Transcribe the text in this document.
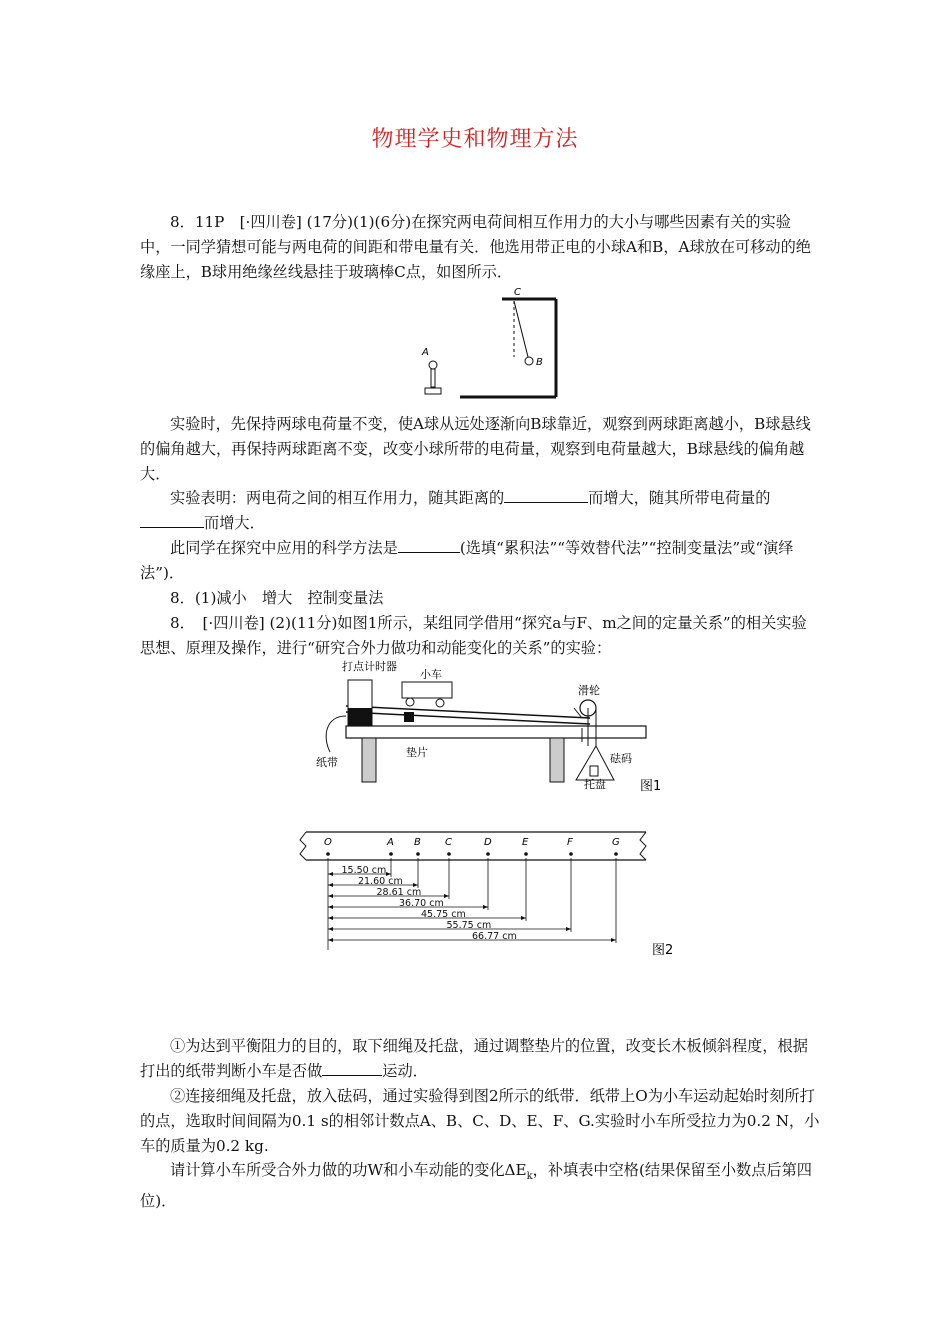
物理学史和物理方法

8．11P　[·四川卷] (17分)(1)(6分)在探究两电荷间相互作用力的大小与哪些因素有关的实验中，一同学猜想可能与两电荷的间距和带电量有关．他选用带正电的小球A和B，A球放在可移动的绝缘座上，B球用绝缘丝线悬挂于玻璃棒C点，如图所示．

C
B
A

实验时，先保持两球电荷量不变，使A球从远处逐渐向B球靠近，观察到两球距离越小，B球悬线的偏角越大，再保持两球距离不变，改变小球所带的电荷量，观察到电荷量越大，B球悬线的偏角越大．

实验表明：两电荷之间的相互作用力，随其距离的	而增大，随其所带电荷量的而增大．

此同学在探究中应用的科学方法是	(选填“累积法”“等效替代法”“控制变量法”或“演绎法”)．

8．(1)减小　增大　控制变量法

8．　[·四川卷] (2)(11分)如图1所示，某组同学借用“探究a与F、m之间的定量关系”的相关实验思想、原理及操作，进行“研究合外力做功和动能变化的关系”的实验：

打点计时器
小车
滑轮
纸带
垫片	砝码
托盘	图1
O	A B C	D	E	F	G
15.50 cm
21.60 cm
28.61 cm
36.70 cm
45.75 cm
55.75 cm
66.77 cm
图2

①为达到平衡阻力的目的，取下细绳及托盘，通过调整垫片的位置，改变长木板倾斜程度，根据打出的纸带判断小车是否做	运动．

②连接细绳及托盘，放入砝码，通过实验得到图2所示的纸带．纸带上O为小车运动起始时刻所打的点，选取时间间隔为0.1 s的相邻计数点A、B、C、D、E、F、G.实验时小车所受拉力为0.2 N，小车的质量为0.2 kg.

请计算小车所受合外力做的功W和小车动能的变化$\Delta E_k$，补填表中空格(结果保留至小数点后第四位)．
